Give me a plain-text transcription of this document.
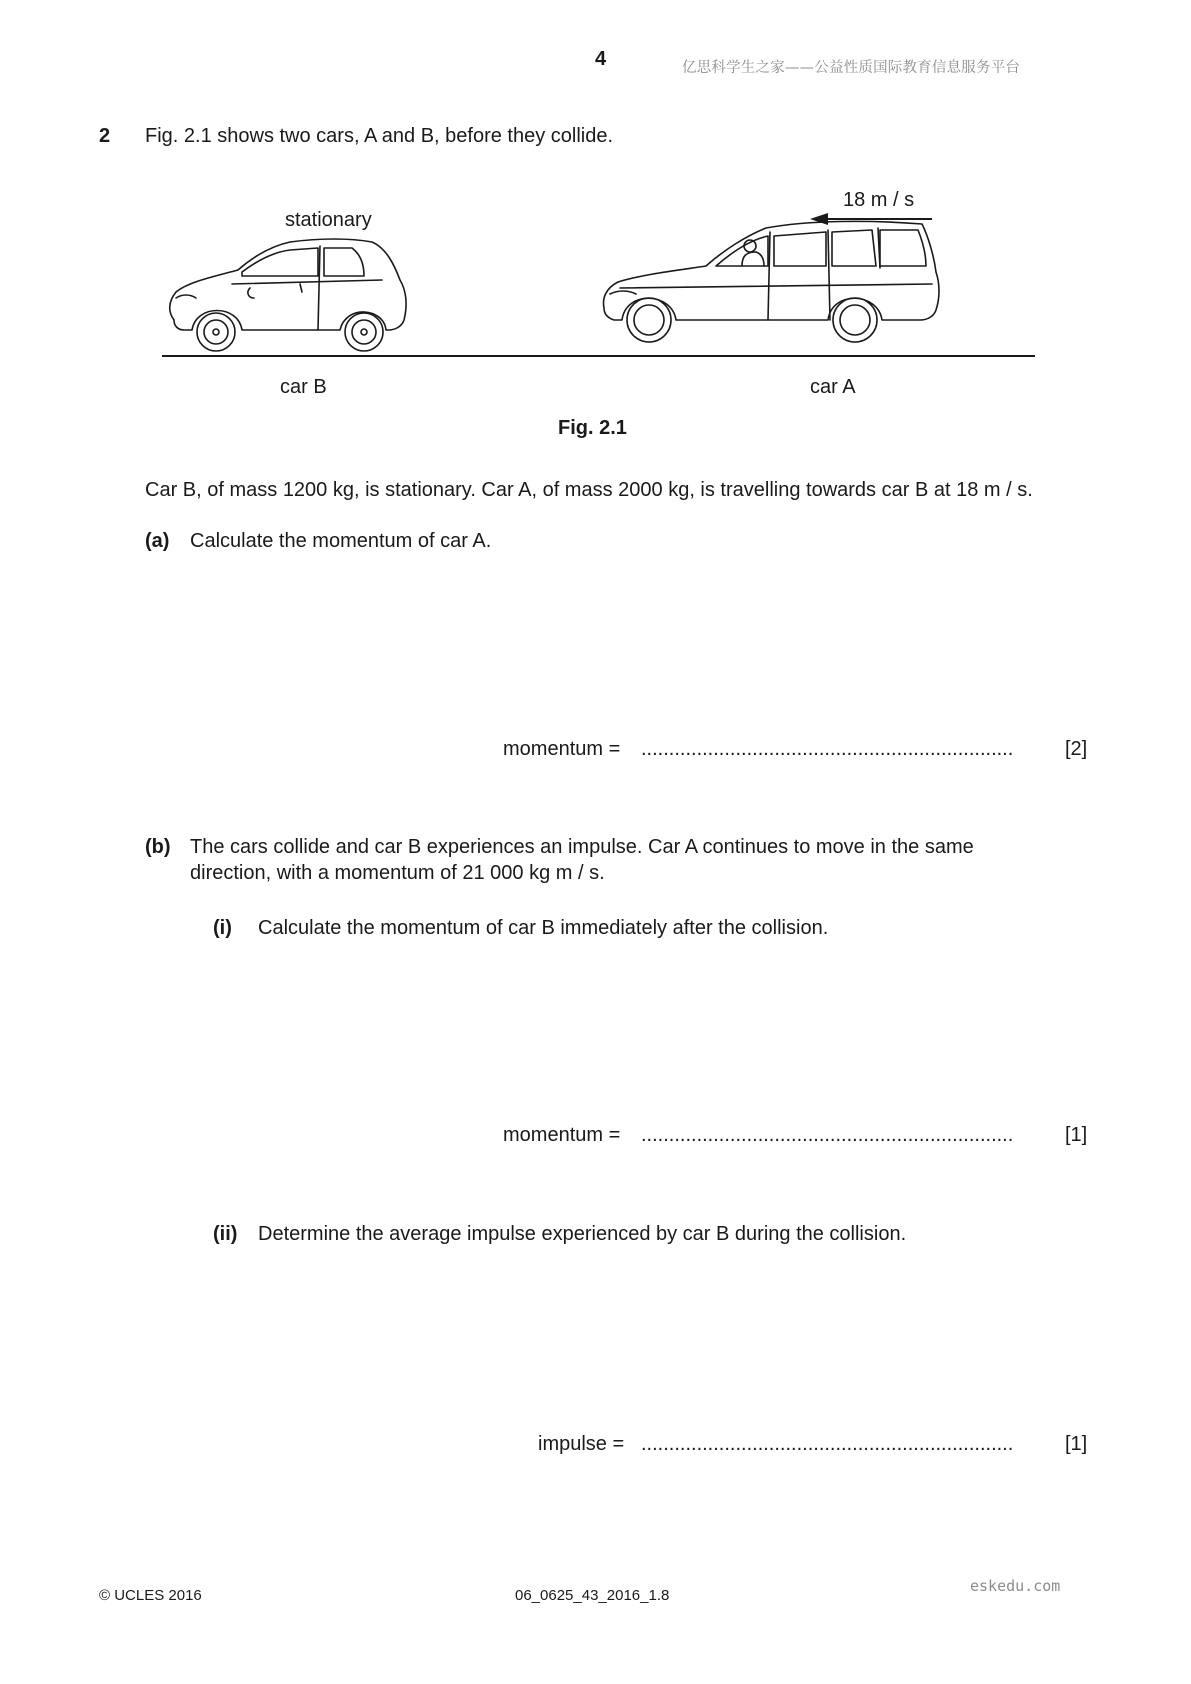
4	亿思科学生之家——公益性质国际教育信息服务平台
2 Fig. 2.1 shows two cars, A and B, before they collide.
stationary
18 m / s
car B	car A
Fig. 2.1
Car B, of mass 1200 kg, is stationary. Car A, of mass 2000 kg, is travelling towards car B at 18 m / s.
(a) Calculate the momentum of car A.
momentum = ...................................................................	[2]
(b) The cars collide and car B experiences an impulse. Car A continues to move in the same
direction, with a momentum of 21 000 kg m / s.
(i) Calculate the momentum of car B immediately after the collision.
momentum = ...................................................................	[1]
(ii) Determine the average impulse experienced by car B during the collision.
impulse = ...................................................................	[1]
© UCLES 2016	06_0625_43_2016_1.8
eskedu.com
